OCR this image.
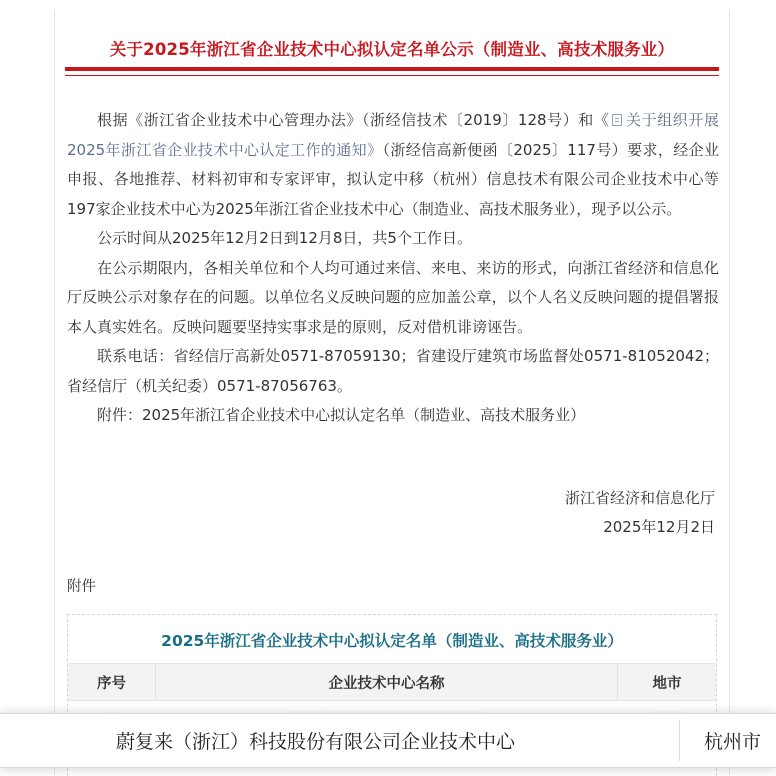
关于2025年浙江省企业技术中心拟认定名单公示（制造业、高技术服务业）

根据《浙江省企业技术中心管理办法》（浙经信技术〔2019〕128号）和《 关于组织开展2025年浙江省企业技术中心认定工作的通知》（浙经信高新便函〔2025〕117号）要求，经企业申报、各地推荐、材料初审和专家评审，拟认定中移（杭州）信息技术有限公司企业技术中心等197家企业技术中心为2025年浙江省企业技术中心（制造业、高技术服务业），现予以公示。

公示时间从2025年12月2日到12月8日，共5个工作日。

在公示期限内，各相关单位和个人均可通过来信、来电、来访的形式，向浙江省经济和信息化厅反映公示对象存在的问题。以单位名义反映问题的应加盖公章，以个人名义反映问题的提倡署报本人真实姓名。反映问题要坚持实事求是的原则，反对借机诽谤诬告。

联系电话：省经信厅高新处0571-87059130；省建设厅建筑市场监督处0571-81052042；省经信厅（机关纪委）0571-87056763。

附件：2025年浙江省企业技术中心拟认定名单（制造业、高技术服务业）

浙江省经济和信息化厅
2025年12月2日
附件
2025年浙江省企业技术中心拟认定名单（制造业、高技术服务业）
序号	企业技术中心名称	地市
蔚复来（浙江）科技股份有限公司企业技术中心	杭州市
